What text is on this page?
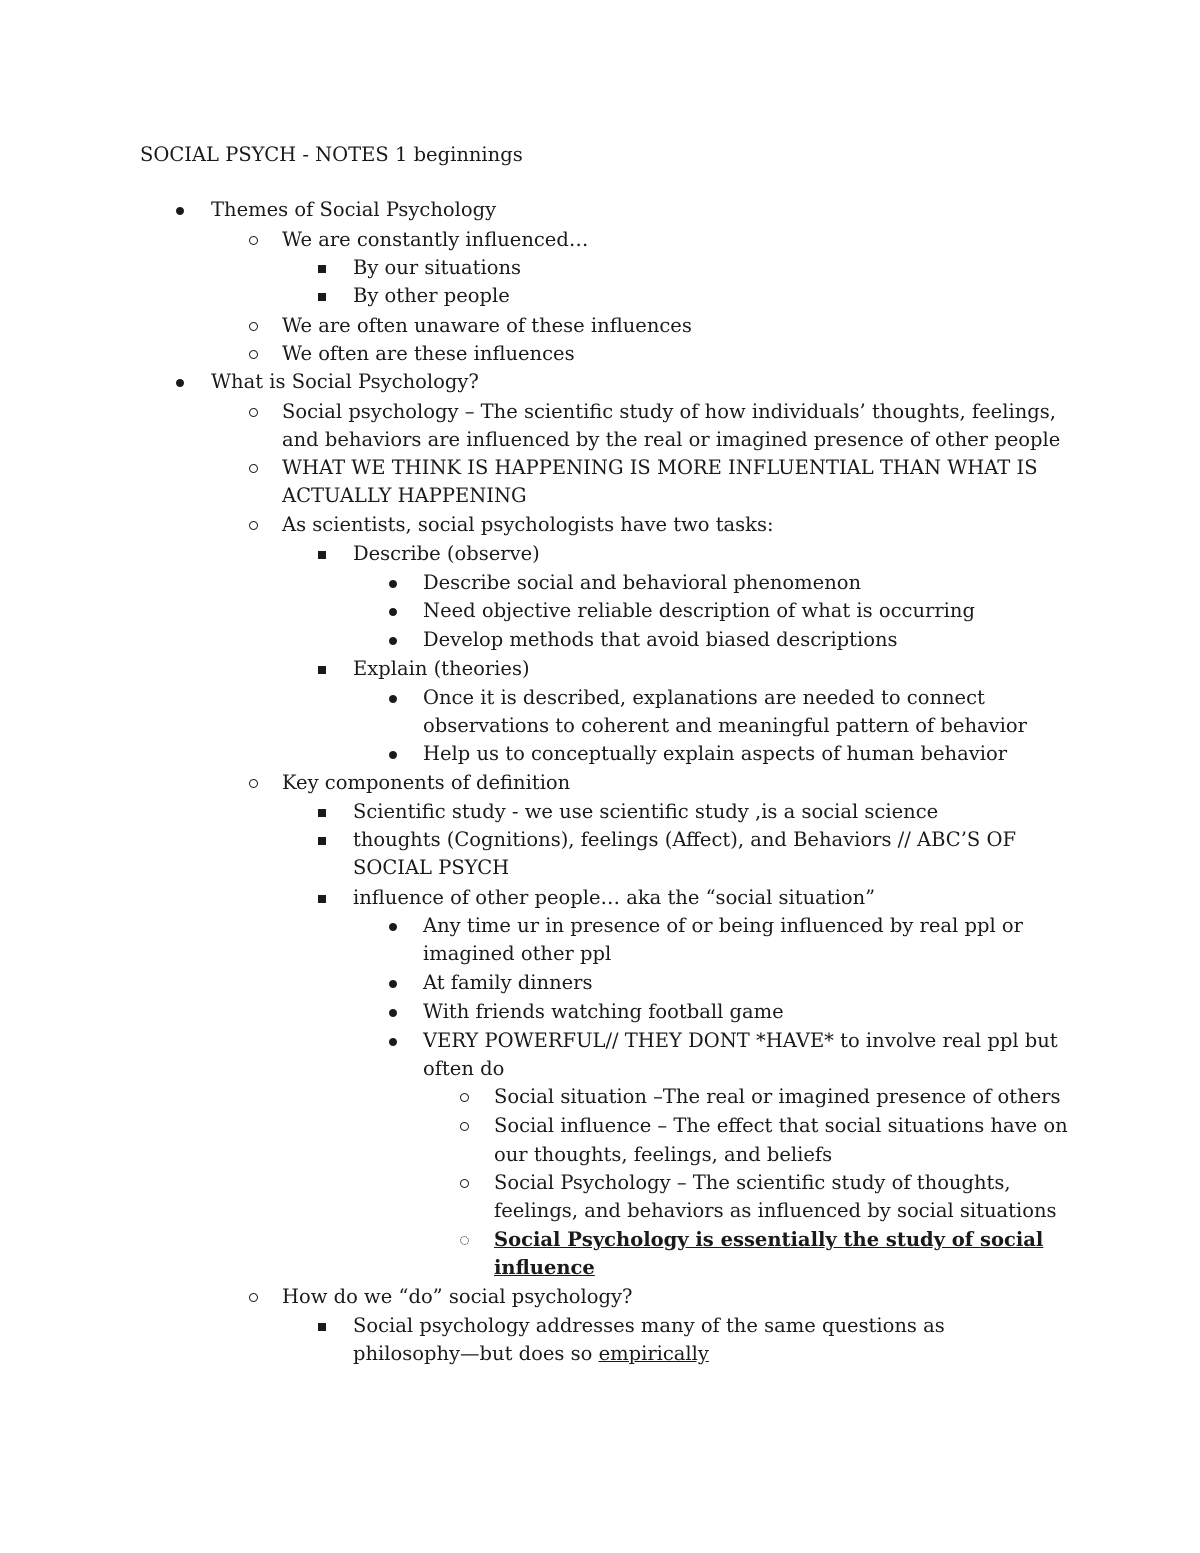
SOCIAL PSYCH - NOTES 1 beginnings
Themes of Social Psychology
We are constantly influenced…
By our situations
By other people
We are often unaware of these influences
We often are these influences
What is Social Psychology?
Social psychology – The scientific study of how individuals’ thoughts, feelings,
and behaviors are influenced by the real or imagined presence of other people
WHAT WE THINK IS HAPPENING IS MORE INFLUENTIAL THAN WHAT IS
ACTUALLY HAPPENING
As scientists, social psychologists have two tasks:
Describe (observe)
Describe social and behavioral phenomenon
Need objective reliable description of what is occurring
Develop methods that avoid biased descriptions
Explain (theories)
Once it is described, explanations are needed to connect
observations to coherent and meaningful pattern of behavior
Help us to conceptually explain aspects of human behavior
Key components of definition
Scientific study - we use scientific study ,is a social science
thoughts (Cognitions), feelings (Affect), and Behaviors // ABC’S OF
SOCIAL PSYCH
influence of other people… aka the “social situation”
Any time ur in presence of or being influenced by real ppl or
imagined other ppl
At family dinners
With friends watching football game
VERY POWERFUL// THEY DONT *HAVE* to involve real ppl but
often do
Social situation –The real or imagined presence of others
Social influence – The effect that social situations have on
our thoughts, feelings, and beliefs
Social Psychology – The scientific study of thoughts,
feelings, and behaviors as influenced by social situations
Social Psychology is essentially the study of social
influence
How do we “do” social psychology?
Social psychology addresses many of the same questions as
philosophy—but does so empirically
